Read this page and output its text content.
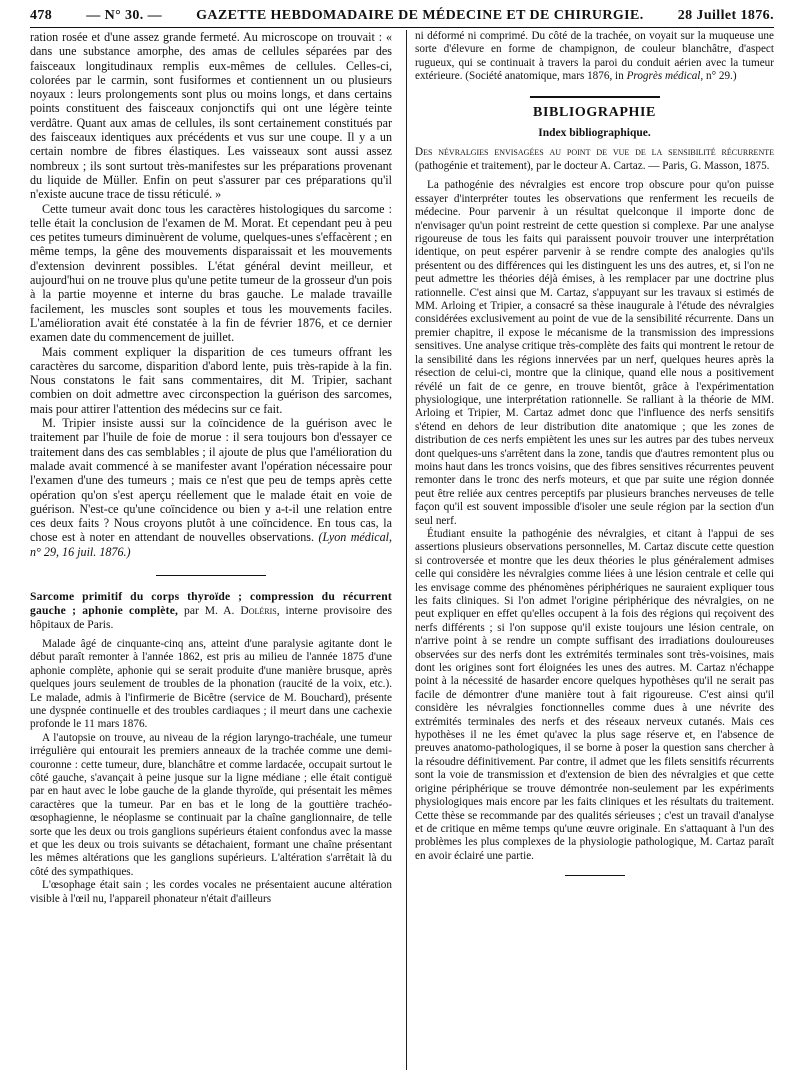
478 — N° 30. — GAZETTE HEBDOMADAIRE DE MÉDECINE ET DE CHIRURGIE. 28 Juillet 1876.

ration rosée et d'une assez grande fermeté. Au microscope on trouvait : « dans une substance amorphe, des amas de cellules séparées par des faisceaux longitudinaux remplis eux-mêmes de cellules. Celles-ci, colorées par le carmin, sont fusiformes et contiennent un ou plusieurs noyaux : leurs prolongements sont plus ou moins longs, et dans certains points constituent des faisceaux conjonctifs qui ont une légère teinte verdâtre. Quant aux amas de cellules, ils sont certainement constitués par des faisceaux identiques aux précédents et vus sur une coupe. Il y a un certain nombre de fibres élastiques. Les vaisseaux sont aussi assez nombreux ; ils sont surtout très-manifestes sur les préparations provenant du liquide de Müller. Enfin on peut s'assurer par ces préparations qu'il n'existe aucune trace de tissu réticulé. »

Cette tumeur avait donc tous les caractères histologiques du sarcome : telle était la conclusion de l'examen de M. Morat. Et cependant peu à peu ces petites tumeurs diminuèrent de volume, quelques-unes s'effacèrent ; en même temps, la gêne des mouvements disparaissait et les mouvements d'extension devinrent possibles. L'état général devint meilleur, et aujourd'hui on ne trouve plus qu'une petite tumeur de la grosseur d'un pois à la partie moyenne et interne du bras gauche. Le malade travaille facilement, les muscles sont souples et tous les mouvements faciles. L'amélioration avait été constatée à la fin de février 1876, et ce dernier examen date du commencement de juillet.

Mais comment expliquer la disparition de ces tumeurs offrant les caractères du sarcome, disparition d'abord lente, puis très-rapide à la fin. Nous constatons le fait sans commentaires, dit M. Tripier, sachant combien on doit admettre avec circonspection la guérison des sarcomes, mais pour attirer l'attention des médecins sur ce fait.

M. Tripier insiste aussi sur la coïncidence de la guérison avec le traitement par l'huile de foie de morue : il sera toujours bon d'essayer ce traitement dans des cas semblables ; il ajoute de plus que l'amélioration du malade avait commencé à se manifester avant l'opération nécessaire pour l'examen d'une des tumeurs ; mais ce n'est que peu de temps après cette opération qu'on s'est aperçu réellement que le malade était en voie de guérison. N'est-ce qu'une coïncidence ou bien y a-t-il une relation entre ces deux faits ? Nous croyons plutôt à une coïncidence. En tous cas, la chose est à noter en attendant de nouvelles observations. (Lyon médical, n° 29, 16 juil. 1876.)

Sarcome primitif du corps thyroïde ; compression du récurrent gauche ; aphonie complète, par M. A. Doléris, interne provisoire des hôpitaux de Paris.

Malade âgé de cinquante-cinq ans, atteint d'une paralysie agitante dont le début paraît remonter à l'année 1862, est pris au milieu de l'année 1875 d'une aphonie complète, aphonie qui se serait produite d'une manière brusque, après quelques jours seulement de troubles de la phonation (raucité de la voix, etc.). Le malade, admis à l'infirmerie de Bicêtre (service de M. Bouchard), présente une dyspnée continuelle et des troubles cardiaques ; il meurt dans une cachexie profonde le 11 mars 1876.

A l'autopsie on trouve, au niveau de la région laryngo-trachéale, une tumeur irrégulière qui entourait les premiers anneaux de la trachée comme une demi-couronne : cette tumeur, dure, blanchâtre et comme lardacée, occupait surtout le côté gauche, s'avançait à peine jusque sur la ligne médiane ; elle était contiguë par en haut avec le lobe gauche de la glande thyroïde, qui présentait les mêmes caractères que la tumeur. Par en bas et le long de la gouttière trachéo-œsophagienne, le néoplasme se continuait par la chaîne ganglionnaire, de telle sorte que les deux ou trois ganglions supérieurs étaient confondus avec la masse et que les deux ou trois suivants se détachaient, formant une chaîne présentant les mêmes altérations que les ganglions supérieurs. L'altération s'arrêtait là du côté des sympathiques.

L'œsophage était sain ; les cordes vocales ne présentaient aucune altération visible à l'œil nu, l'appareil phonateur n'était d'ailleurs

ni déformé ni comprimé. Du côté de la trachée, on voyait sur la muqueuse une sorte d'élevure en forme de champignon, de couleur blanchâtre, d'aspect rugueux, qui se continuait à travers la paroi du conduit aérien avec la tumeur extérieure. (Société anatomique, mars 1876, in Progrès médical, n° 29.)

BIBLIOGRAPHIE
Index bibliographique.
Des névralgies envisagées au point de vue de la sensibilité récurrente (pathogénie et traitement), par le docteur A. Cartaz. — Paris, G. Masson, 1875.

La pathogénie des névralgies est encore trop obscure pour qu'on puisse essayer d'interpréter toutes les observations que renferment les recueils de médecine. Pour parvenir à un résultat quelconque il importe donc de n'envisager qu'un point restreint de cette question si complexe. Par une analyse rigoureuse de tous les faits qui paraissent pouvoir trouver une interprétation identique, on peut espérer parvenir à se rendre compte des analogies qu'ils présentent ou des différences qui les distinguent les uns des autres, et, si l'on ne peut admettre les théories déjà émises, à les remplacer par une doctrine plus rationnelle. C'est ainsi que M. Cartaz, s'appuyant sur les travaux si estimés de MM. Arloing et Tripier, a consacré sa thèse inaugurale à l'étude des névralgies considérées exclusivement au point de vue de la sensibilité récurrente. Dans un premier chapitre, il expose le mécanisme de la transmission des impressions sensitives. Une analyse critique très-complète des faits qui montrent le retour de la sensibilité dans les régions innervées par un nerf, quelques heures après la résection de celui-ci, montre que la clinique, quand elle nous a positivement révélé un fait de ce genre, en trouve bientôt, grâce à l'expérimentation physiologique, une interprétation rationnelle. Se ralliant à la théorie de MM. Arloing et Tripier, M. Cartaz admet donc que l'influence des nerfs sensitifs s'étend en dehors de leur distribution dite anatomique ; que les zones de distribution de ces nerfs empiètent les unes sur les autres par des tubes nerveux dont quelques-uns s'arrêtent dans la zone, tandis que d'autres remontent plus ou moins haut dans les troncs voisins, que des fibres sensitives récurrentes peuvent remonter dans le tronc des nerfs moteurs, et que par suite une région donnée peut être reliée aux centres perceptifs par plusieurs branches nerveuses de telle façon qu'il est souvent impossible d'isoler une seule région par la section d'un seul nerf.

Étudiant ensuite la pathogénie des névralgies, et citant à l'appui de ses assertions plusieurs observations personnelles, M. Cartaz discute cette question si controversée et montre que les deux théories le plus généralement admises celle qui considère les névralgies comme liées à une lésion centrale et celle qui les envisage comme des phénomènes périphériques ne sauraient expliquer tous les faits cliniques. Si l'on admet l'origine périphérique des névralgies, on ne peut expliquer en effet qu'elles occupent à la fois des régions qui reçoivent des nerfs différents ; si l'on suppose qu'il existe toujours une lésion centrale, on n'arrive point à se rendre un compte suffisant des irradiations douloureuses observées sur des nerfs dont les extrémités terminales sont très-voisines, mais dont les origines sont fort éloignées les unes des autres. M. Cartaz n'échappe point à la nécessité de hasarder encore quelques hypothèses qu'il ne serait pas facile de démontrer d'une manière tout à fait rigoureuse. C'est ainsi qu'il considère les névralgies fonctionnelles comme dues à une névrite des extrémités terminales des nerfs et des réseaux nerveux cutanés. Mais ces hypothèses il ne les émet qu'avec la plus sage réserve et, en l'absence de preuves anatomo-pathologiques, il se borne à poser la question sans chercher à la résoudre définitivement. Par contre, il admet que les filets sensitifs récurrents sont la voie de transmission et d'extension de bien des névralgies et que cette origine périphérique se trouve démontrée non-seulement par les expériments physiologiques mais encore par les faits cliniques et les résultats du traitement. Cette thèse se recommande par des qualités sérieuses ; c'est un travail d'analyse et de critique en même temps qu'une œuvre originale. En s'attaquant à l'un des problèmes les plus complexes de la physiologie pathologique, M. Cartaz paraît en avoir éclairé une partie.
